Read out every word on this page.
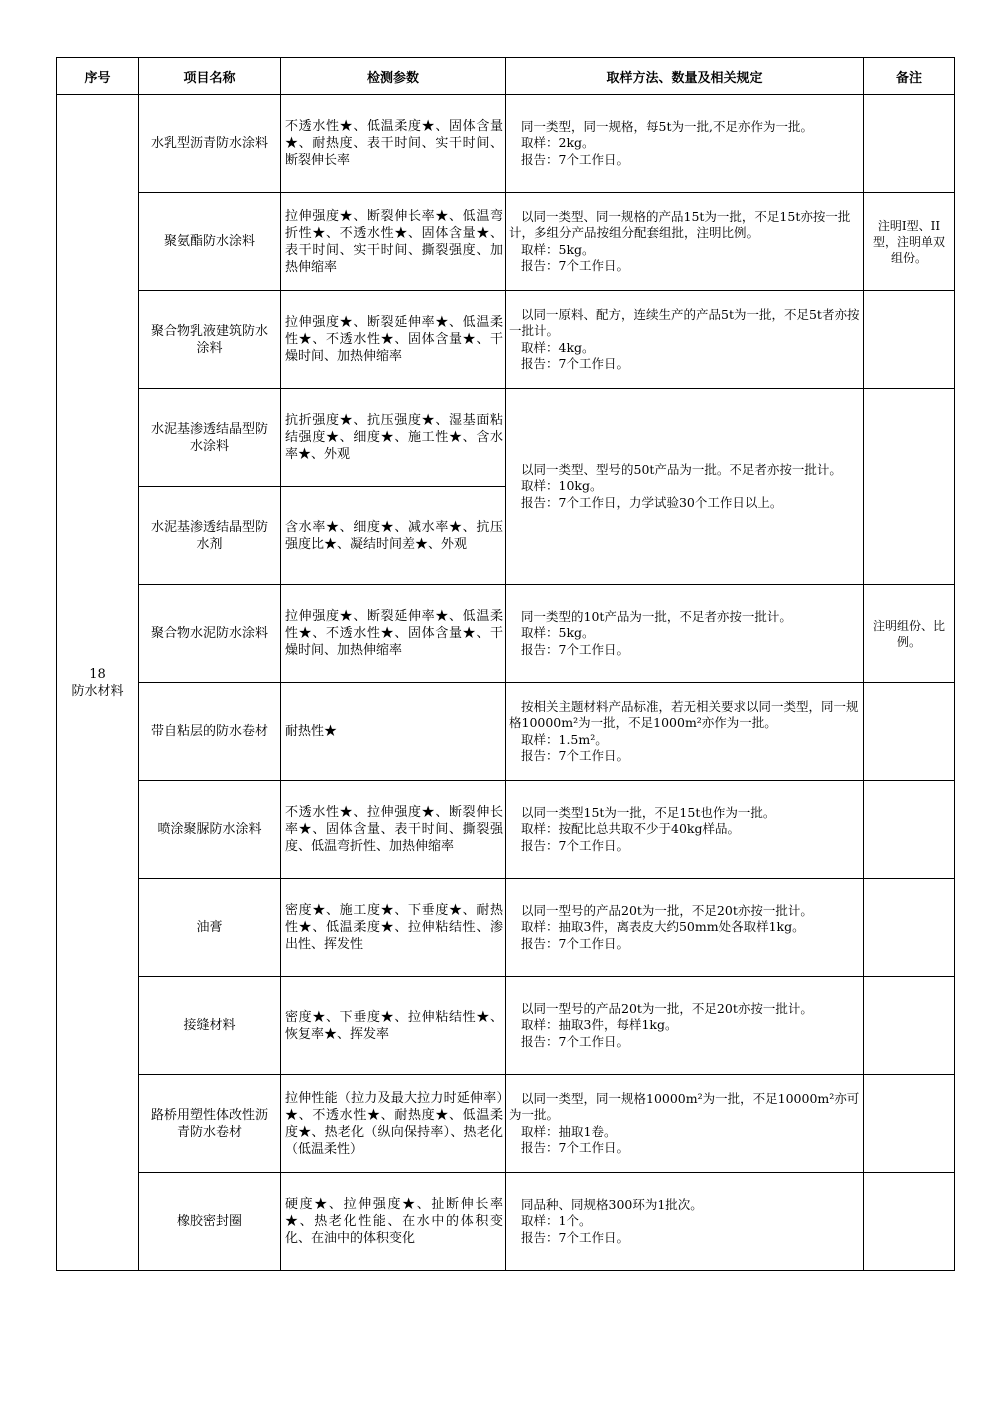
序号	项目名称	检测参数	取样方法、数量及相关规定	备注

18
防水材料	水乳型沥青防水涂料	不透水性★、低温柔度★、固体含量★、耐热度、表干时间、实干时间、断裂伸长率	同一类型，同一规格，每5t为一批,不足亦作为一批。
取样：2kg。
报告：7个工作日。	

	聚氨酯防水涂料	拉伸强度★、断裂伸长率★、低温弯折性★、不透水性★、固体含量★、表干时间、实干时间、撕裂强度、加热伸缩率	以同一类型、同一规格的产品15t为一批，不足15t亦按一批计，多组分产品按组分配套组批，注明比例。
取样：5kg。
报告：7个工作日。	注明I型、II型，注明单双组份。
	聚合物乳液建筑防水涂料	拉伸强度★、断裂延伸率★、低温柔性★、不透水性★、固体含量★、干燥时间、加热伸缩率	以同一原料、配方，连续生产的产品5t为一批，不足5t者亦按一批计。
取样：4kg。
报告：7个工作日。	

	水泥基渗透结晶型防水涂料	抗折强度★、抗压强度★、湿基面粘结强度★、细度★、施工性★、含水率★、外观	以同一类型、型号的50t产品为一批。不足者亦按一批计。
取样：10kg。
报告：7个工作日，力学试验30个工作日以上。	

	水泥基渗透结晶型防水剂	含水率★、细度★、减水率★、抗压强度比★、凝结时间差★、外观		
	聚合物水泥防水涂料	拉伸强度★、断裂延伸率★、低温柔性★、不透水性★、固体含量★、干燥时间、加热伸缩率	同一类型的10t产品为一批，不足者亦按一批计。
取样：5kg。
报告：7个工作日。	注明组份、比例。
	带自粘层的防水卷材	耐热性★	按相关主题材料产品标准，若无相关要求以同一类型，同一规格10000m²为一批，不足1000m²亦作为一批。
取样：1.5m²。
报告：7个工作日。	

	喷涂聚脲防水涂料	不透水性★、拉伸强度★、断裂伸长率★、固体含量、表干时间、撕裂强度、低温弯折性、加热伸缩率	以同一类型15t为一批，不足15t也作为一批。
取样：按配比总共取不少于40kg样品。
报告：7个工作日。	

	油膏	密度★、施工度★、下垂度★、耐热性★、低温柔度★、拉伸粘结性、渗出性、挥发性	以同一型号的产品20t为一批，不足20t亦按一批计。
取样：抽取3件，离表皮大约50mm处各取样1kg。
报告：7个工作日。	

	接缝材料	密度★、下垂度★、拉伸粘结性★、恢复率★、挥发率	以同一型号的产品20t为一批，不足20t亦按一批计。
取样：抽取3件，每样1kg。
报告：7个工作日。	

	路桥用塑性体改性沥青防水卷材	拉伸性能（拉力及最大拉力时延伸率）★、不透水性★、耐热度★、低温柔度★、热老化（纵向保持率）、热老化（低温柔性）	以同一类型，同一规格10000m²为一批，不足10000m²亦可为一批。
取样：抽取1卷。
报告：7个工作日。	

	橡胶密封圈	硬度★、拉伸强度★、扯断伸长率★、热老化性能、在水中的体积变化、在油中的体积变化	同品种、同规格300环为1批次。
取样：1个。
报告：7个工作日。	
